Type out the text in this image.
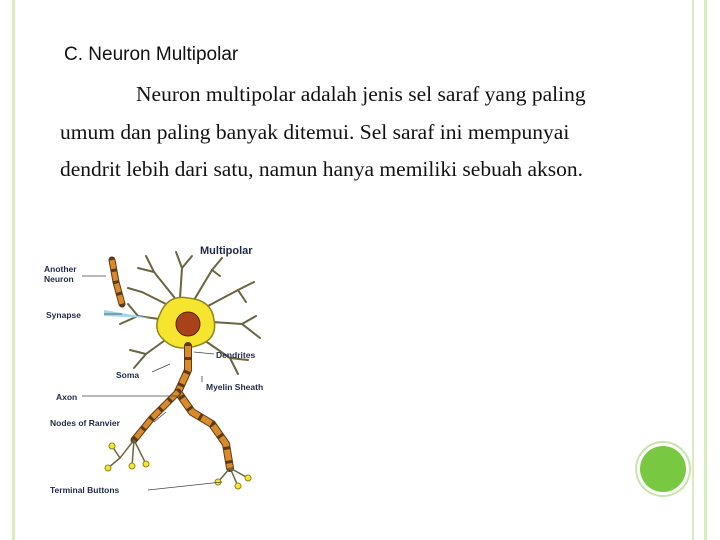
C. Neuron Multipolar

Neuron multipolar adalah jenis sel saraf yang paling umum dan paling banyak ditemui. Sel saraf ini mempunyai dendrit lebih dari satu, namun hanya memiliki sebuah akson.

Multipolar
Another
Neuron
Synapse
Dendrites
Soma
Myelin Sheath
Axon
Nodes of Ranvier
Terminal Buttons
